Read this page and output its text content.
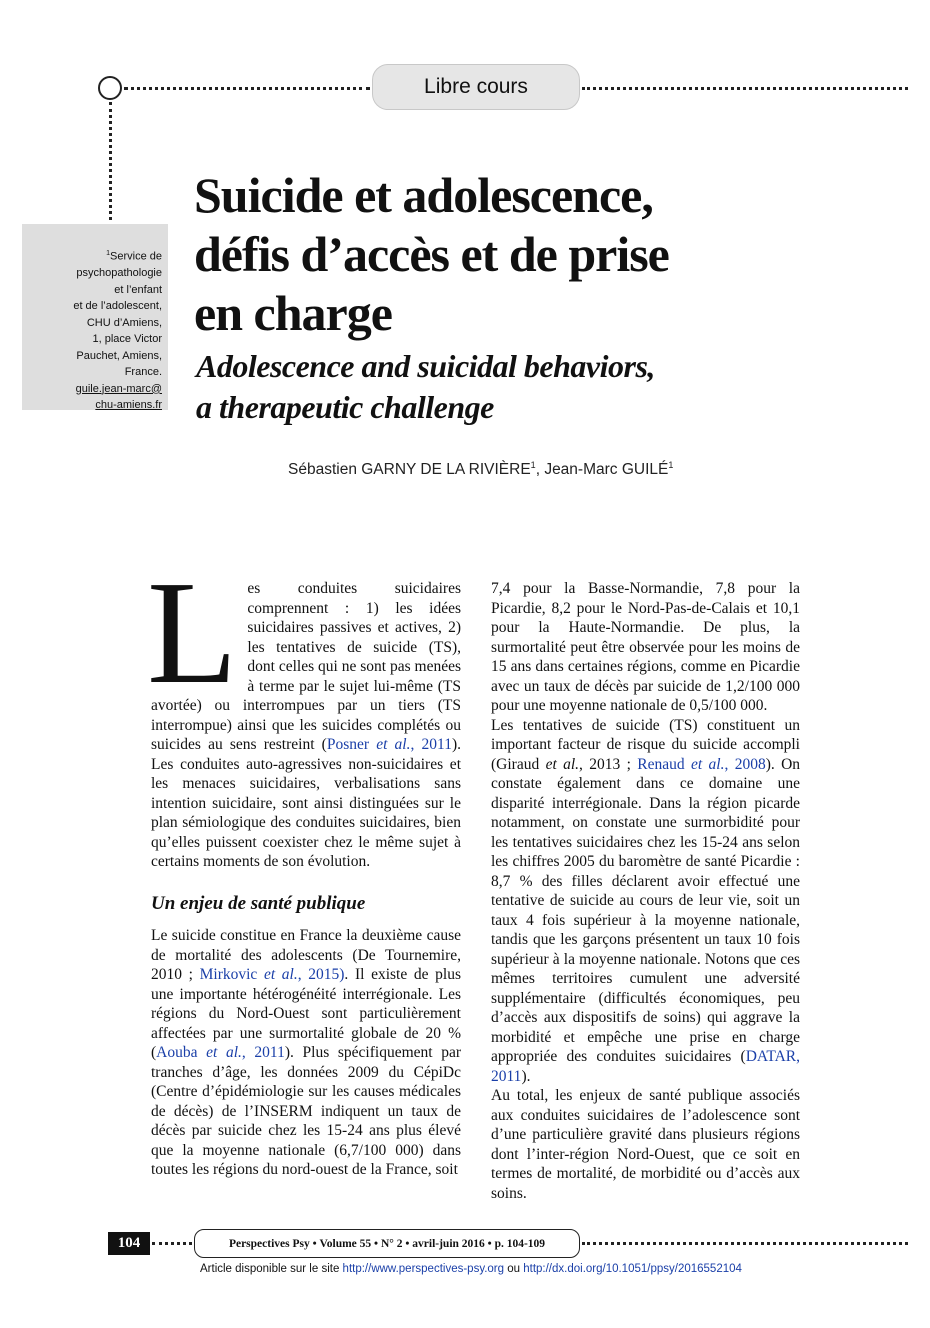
Libre cours
$^1$Service de
psychopathologie
et l’enfant
et de l’adolescent,
CHU d’Amiens,
1, place Victor
Pauchet, Amiens,
France.
guile.jean-marc@
chu-amiens.fr
Suicide et adolescence,
défis d’accès et de prise
en charge
Adolescence and suicidal behaviors,
a therapeutic challenge
Sébastien GARNY DE LA RIVIÈRE$^1$, Jean-Marc GUILÉ$^1$

Les conduites suicidaires comprennent : 1) les idées suicidaires passives et actives, 2) les tentatives de suicide (TS), dont celles qui ne sont pas menées à terme par le sujet lui-même (TS avortée) ou interrompues par un tiers (TS interrompue) ainsi que les suicides complétés ou suicides au sens restreint (Posner et al., 2011). Les conduites auto-agressives non-suicidaires et les menaces suicidaires, verbalisations sans intention suicidaire, sont ainsi distinguées sur le plan sémiologique des conduites suicidaires, bien qu’elles puissent coexister chez le même sujet à certains moments de son évolution.

Un enjeu de santé publique

Le suicide constitue en France la deuxième cause de mortalité des adolescents (De Tournemire, 2010 ; Mirkovic et al., 2015). Il existe de plus une importante hétérogénéité interrégionale. Les régions du Nord-Ouest sont particulièrement affectées par une surmortalité globale de 20 % (Aouba et al., 2011). Plus spécifiquement par tranches d’âge, les données 2009 du CépiDc (Centre d’épidémiologie sur les causes médicales de décès) de l’INSERM indiquent un taux de décès par suicide chez les 15-24 ans plus élevé que la moyenne nationale (6,7/100 000) dans toutes les régions du nord-ouest de la France, soit

7,4 pour la Basse-Normandie, 7,8 pour la Picardie, 8,2 pour le Nord-Pas-de-Calais et 10,1 pour la Haute-Normandie. De plus, la surmortalité peut être observée pour les moins de 15 ans dans certaines régions, comme en Picardie avec un taux de décès par suicide de 1,2/100 000 pour une moyenne nationale de 0,5/100 000.

Les tentatives de suicide (TS) constituent un important facteur de risque du suicide accompli (Giraud et al., 2013 ; Renaud et al., 2008). On constate également dans ce domaine une disparité interrégionale. Dans la région picarde notamment, on constate une surmorbidité pour les tentatives suicidaires chez les 15-24 ans selon les chiffres 2005 du baromètre de santé Picardie : 8,7 % des filles déclarent avoir effectué une tentative de suicide au cours de leur vie, soit un taux 4 fois supérieur à la moyenne nationale, tandis que les garçons présentent un taux 10 fois supérieur à la moyenne nationale. Notons que ces mêmes territoires cumulent une adversité supplémentaire (difficultés économiques, peu d’accès aux dispositifs de soins) qui aggrave la morbidité et empêche une prise en charge appropriée des conduites suicidaires (DATAR, 2011).

Au total, les enjeux de santé publique associés aux conduites suicidaires de l’adolescence sont d’une particulière gravité dans plusieurs régions dont l’inter-région Nord-Ouest, que ce soit en termes de mortalité, de morbidité ou d’accès aux soins.

104	Perspectives Psy
•
Volume 55
•
N° 2
•
avril-juin 2016
•
p. 104-109
Article disponible sur le site http://www.perspectives-psy.org ou http://dx.doi.org/10.1051/ppsy/2016552104
